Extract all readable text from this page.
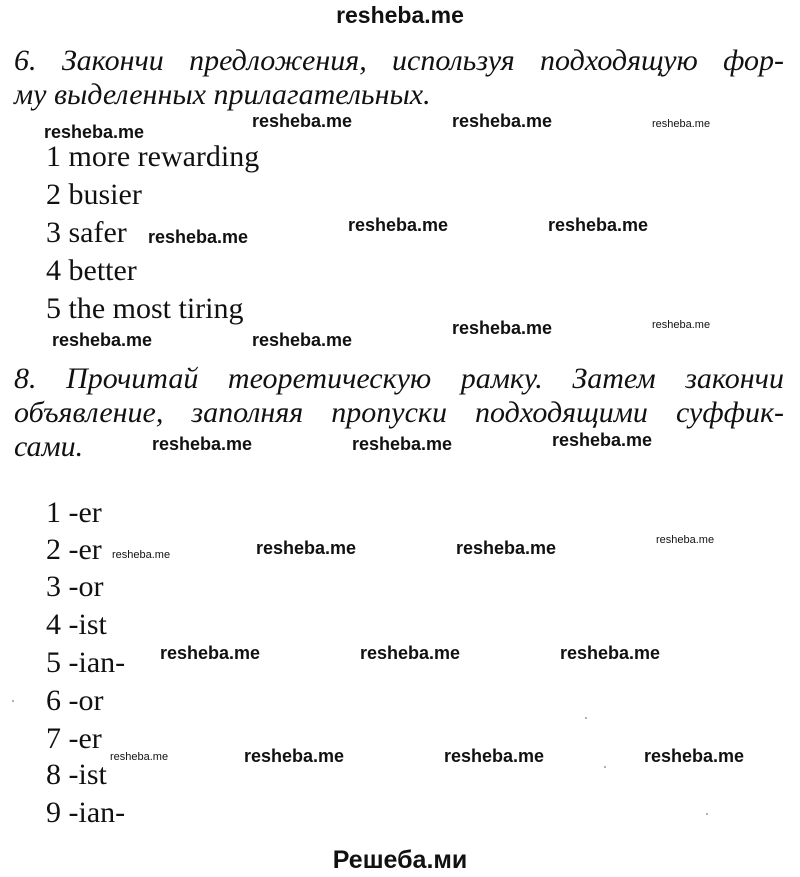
resheba.me
6. Закончи предложения, используя подходящую фор-
му выделенных прилагательных.
1 more rewarding
2 busier
3 safer
4 better
5 the most tiring
8. Прочитай теоретическую рамку. Затем закончи
объявление, заполняя пропуски подходящими суффик-
сами.
1 -er
2 -er
3 -or
4 -ist
5 -ian-
6 -or
7 -er
8 -ist
9 -ian-
resheba.me
resheba.me	resheba.me	resheba.me
resheba.me
resheba.me	resheba.me
resheba.me	resheba.me
resheba.me	resheba.me
resheba.me	resheba.me	resheba.me
resheba.me	resheba.me	resheba.me	resheba.me
resheba.me	resheba.me	resheba.me
resheba.me	resheba.me	resheba.me	resheba.me
Решеба.ми
